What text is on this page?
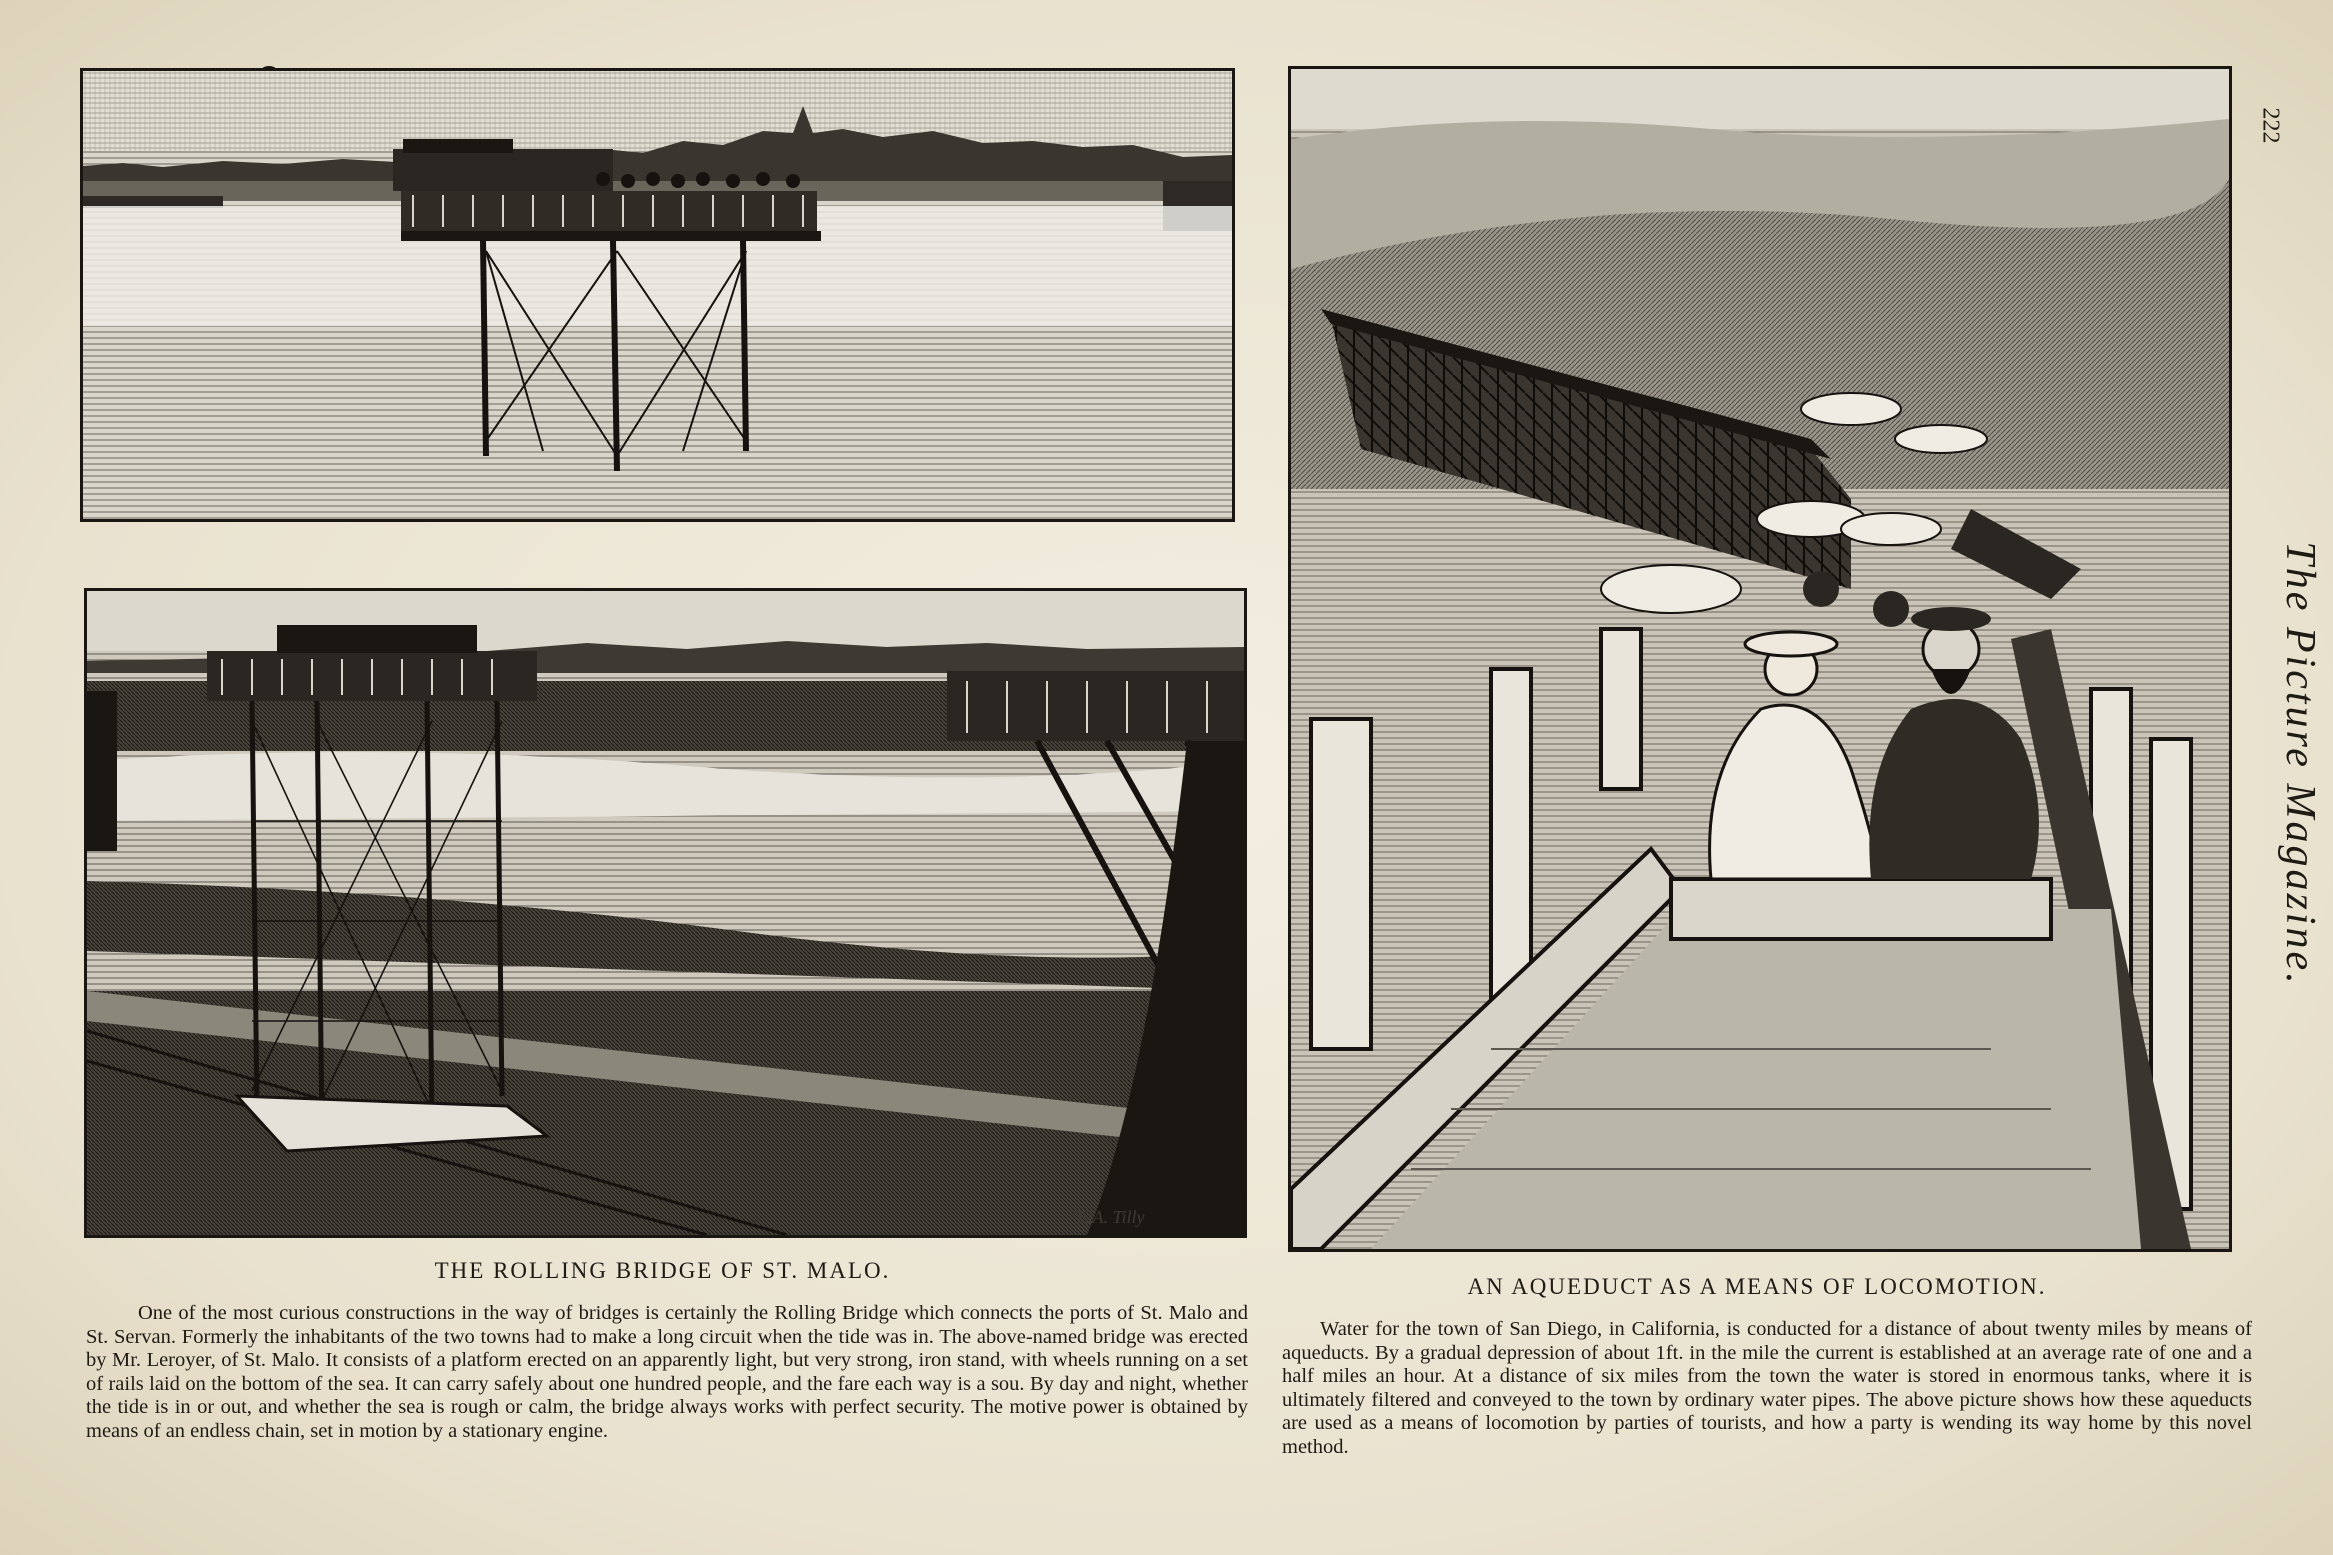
E.A. Tilly
THE ROLLING BRIDGE OF ST. MALO.
One of the most curious constructions in the way of bridges is certainly the Rolling Bridge which connects the ports of St. Malo and St. Servan. Formerly the inhabitants of the two towns had to make a long circuit when the tide was in. The above-named bridge was erected by Mr. Leroyer, of St. Malo. It consists of a platform erected on an apparently light, but very strong, iron stand, with wheels running on a set of rails laid on the bottom of the sea. It can carry safely about one hundred people, and the fare each way is a sou. By day and night, whether the tide is in or out, and whether the sea is rough or calm, the bridge always works with perfect security. The motive power is obtained by means of an endless chain, set in motion by a stationary engine.
AN AQUEDUCT AS A MEANS OF LOCOMOTION.
Water for the town of San Diego, in California, is conducted for a distance of about twenty miles by means of aqueducts. By a gradual depression of about 1ft. in the mile the current is established at an average rate of one and a half miles an hour. At a distance of six miles from the town the water is stored in enormous tanks, where it is ultimately filtered and conveyed to the town by ordinary water pipes. The above picture shows how these aqueducts are used as a means of locomotion by parties of tourists, and how a party is wending its way home by this novel method.
222
The Picture Magazine.
